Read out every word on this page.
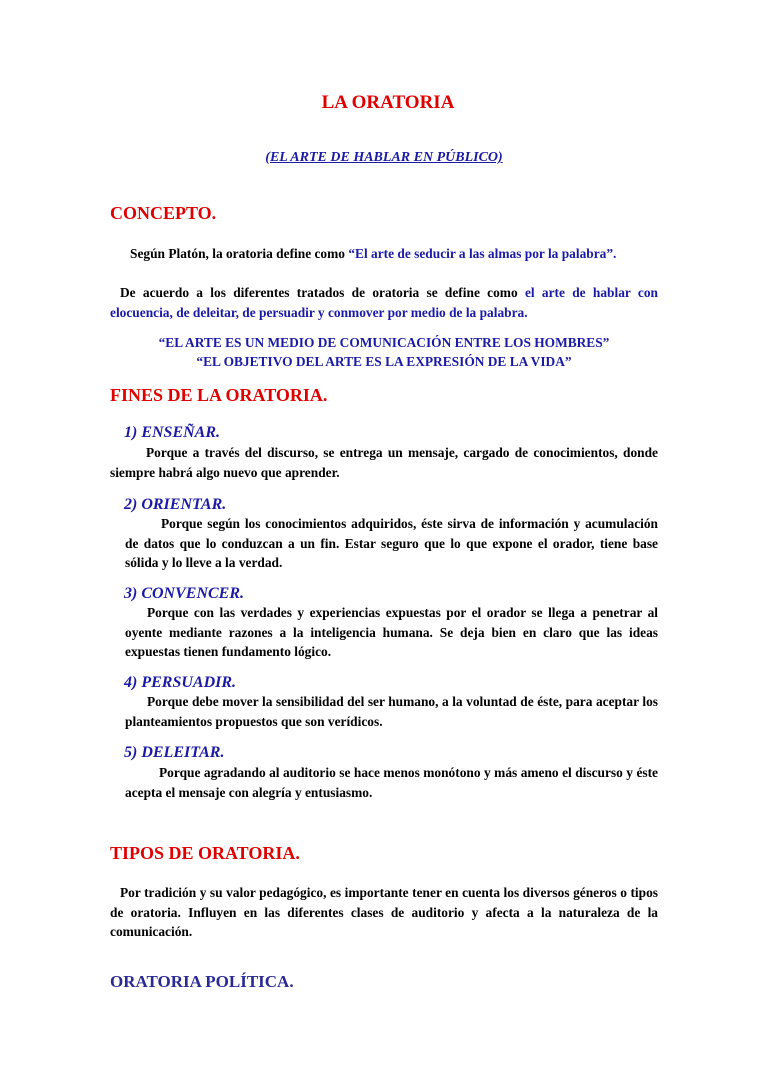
LA ORATORIA
(EL ARTE DE HABLAR EN PÚBLICO)
CONCEPTO.

Según Platón, la oratoria define como “El arte de seducir a las almas por la palabra”.

De acuerdo a los diferentes tratados de oratoria se define como el arte de hablar con elocuencia, de deleitar, de persuadir y conmover por medio de la palabra.

“EL ARTE ES UN MEDIO DE COMUNICACIÓN ENTRE LOS HOMBRES”
“EL OBJETIVO DEL ARTE ES LA EXPRESIÓN DE LA VIDA”
FINES DE LA ORATORIA.
1) ENSEÑAR.

Porque a través del discurso, se entrega un mensaje, cargado de conocimientos, donde siempre habrá algo nuevo que aprender.

2) ORIENTAR.

Porque según los conocimientos adquiridos, éste sirva de información y acumulación de datos que lo conduzcan a un fin. Estar seguro que lo que expone el orador, tiene base sólida y lo lleve a la verdad.

3) CONVENCER.

Porque con las verdades y experiencias expuestas por el orador se llega a penetrar al oyente mediante razones a la inteligencia humana. Se deja bien en claro que las ideas expuestas tienen fundamento lógico.

4) PERSUADIR.

Porque debe mover la sensibilidad del ser humano, a la voluntad de éste, para aceptar los planteamientos propuestos que son verídicos.

5) DELEITAR.

Porque agradando al auditorio se hace menos monótono y más ameno el discurso y éste acepta el mensaje con alegría y entusiasmo.

TIPOS DE ORATORIA.

Por tradición y su valor pedagógico, es importante tener en cuenta los diversos géneros o tipos de oratoria. Influyen en las diferentes clases de auditorio y afecta a la naturaleza de la comunicación.

ORATORIA POLÍTICA.
